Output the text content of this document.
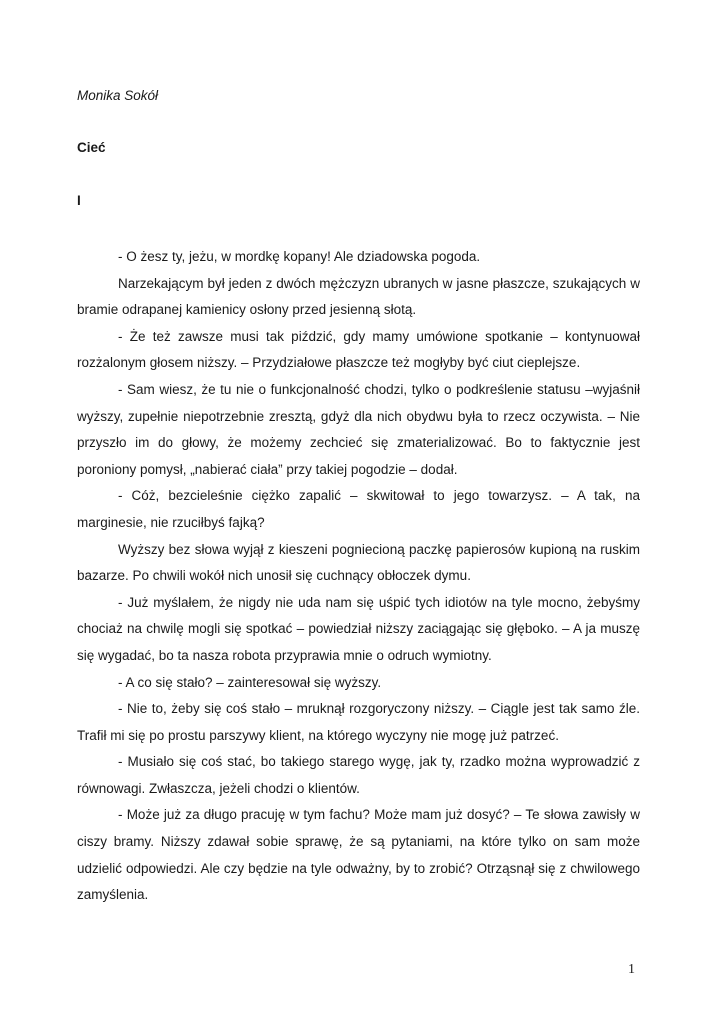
Monika Sokół
Cieć
I

- O żesz ty, jeżu, w mordkę kopany! Ale dziadowska pogoda.

Narzekającym był jeden z dwóch mężczyzn ubranych w jasne płaszcze, szukających w bramie odrapanej kamienicy osłony przed jesienną słotą.

- Że też zawsze musi tak piździć, gdy mamy umówione spotkanie – kontynuował rozżalonym głosem niższy. – Przydziałowe płaszcze też mogłyby być ciut cieplejsze.

- Sam wiesz, że tu nie o funkcjonalność chodzi, tylko o podkreślenie statusu –wyjaśnił wyższy, zupełnie niepotrzebnie zresztą, gdyż dla nich obydwu była to rzecz oczywista. – Nie przyszło im do głowy, że możemy zechcieć się zmaterializować. Bo to faktycznie jest poroniony pomysł, „nabierać ciała” przy takiej pogodzie – dodał.

- Cóż, bezcieleśnie ciężko zapalić – skwitował to jego towarzysz. – A tak, na marginesie, nie rzuciłbyś fajką?

Wyższy bez słowa wyjął z kieszeni pogniecioną paczkę papierosów kupioną na ruskim bazarze. Po chwili wokół nich unosił się cuchnący obłoczek dymu.

- Już myślałem, że nigdy nie uda nam się uśpić tych idiotów na tyle mocno, żebyśmy chociaż na chwilę mogli się spotkać – powiedział niższy zaciągając się głęboko. – A ja muszę się wygadać, bo ta nasza robota przyprawia mnie o odruch wymiotny.

- A co się stało? – zainteresował się wyższy.

- Nie to, żeby się coś stało – mruknął rozgoryczony niższy. – Ciągle jest tak samo źle. Trafił mi się po prostu parszywy klient, na którego wyczyny nie mogę już patrzeć.

- Musiało się coś stać, bo takiego starego wygę, jak ty, rzadko można wyprowadzić z równowagi. Zwłaszcza, jeżeli chodzi o klientów.

- Może już za długo pracuję w tym fachu? Może mam już dosyć? – Te słowa zawisły w ciszy bramy. Niższy zdawał sobie sprawę, że są pytaniami, na które tylko on sam może udzielić odpowiedzi. Ale czy będzie na tyle odważny, by to zrobić? Otrząsnął się z chwilowego zamyślenia.

1
